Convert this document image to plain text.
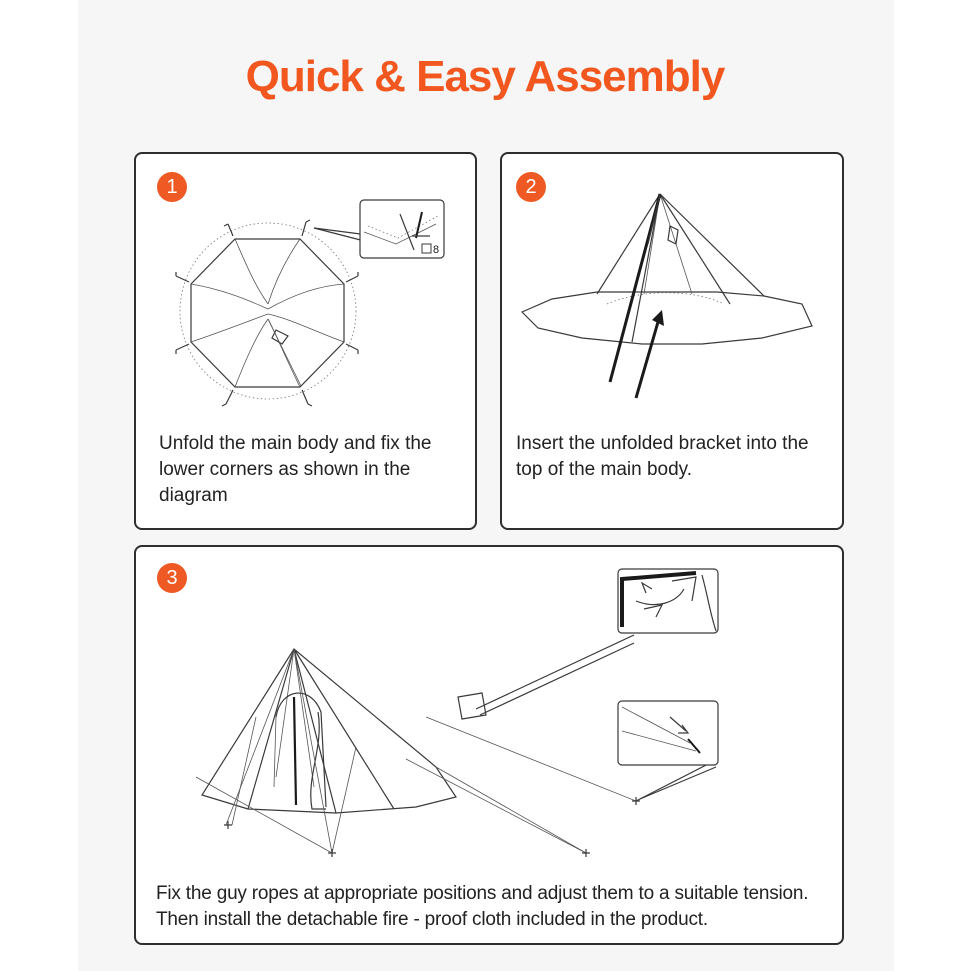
Quick & Easy Assembly
1
8
Unfold the main body and fix the lower corners as shown in the diagram
2
Insert the unfolded bracket into the top of the main body.
3
Fix the guy ropes at appropriate positions and adjust them to a suitable tension. Then install the detachable fire - proof cloth included in the product.
